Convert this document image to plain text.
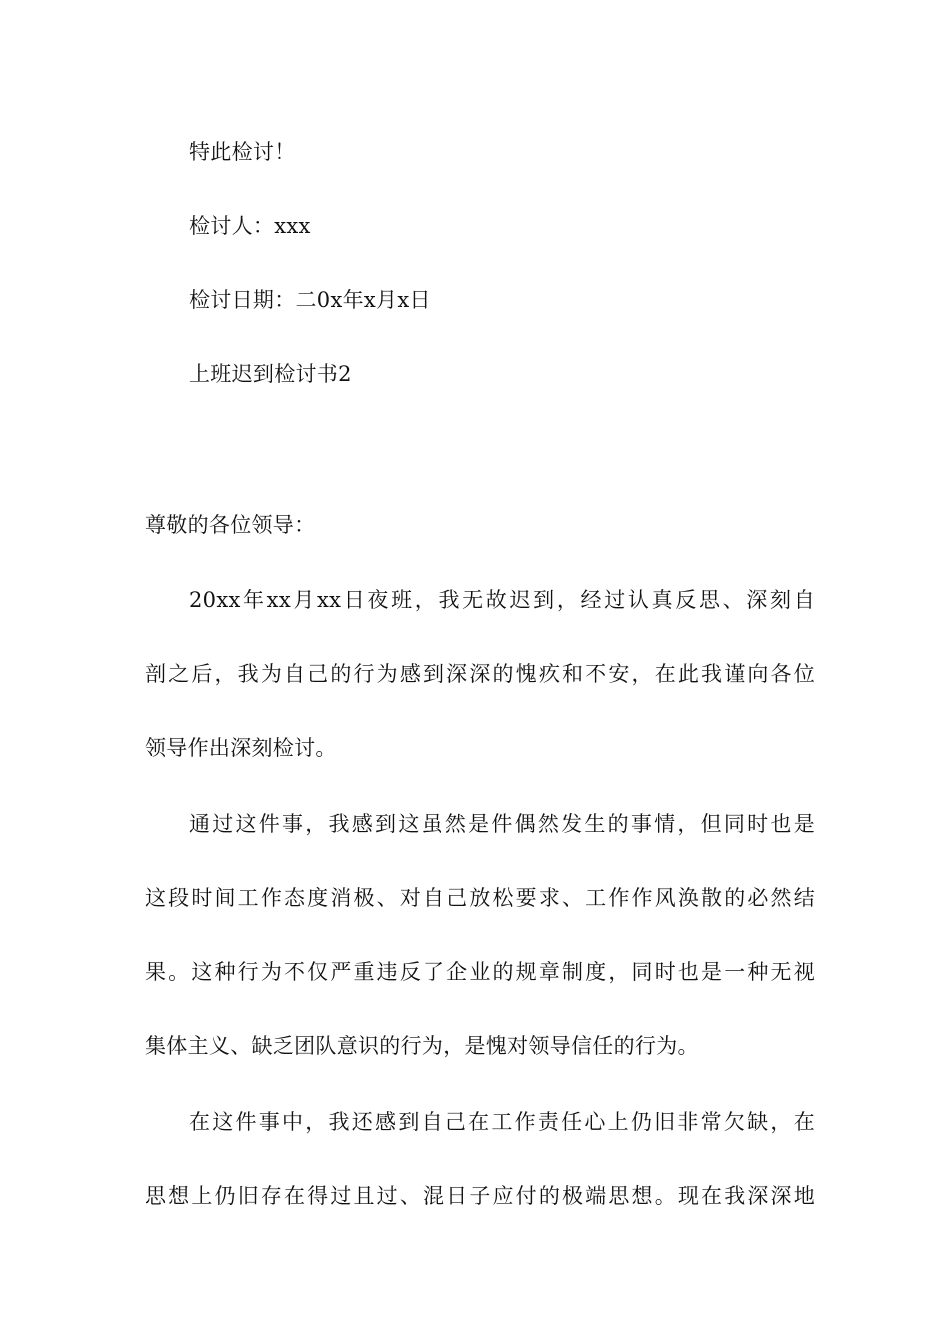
特此检讨！
检讨人：xxx
检讨日期：二0x年x月x日
上班迟到检讨书2
尊敬的各位领导：
20xx年xx月xx日夜班，我无故迟到，经过认真反思、深刻自
剖之后，我为自己的行为感到深深的愧疚和不安，在此我谨向各位
领导作出深刻检讨。
通过这件事，我感到这虽然是件偶然发生的事情，但同时也是
这段时间工作态度消极、对自己放松要求、工作作风涣散的必然结
果。这种行为不仅严重违反了企业的规章制度，同时也是一种无视
集体主义、缺乏团队意识的行为，是愧对领导信任的行为。
在这件事中，我还感到自己在工作责任心上仍旧非常欠缺，在
思想上仍旧存在得过且过、混日子应付的极端思想。现在我深深地
